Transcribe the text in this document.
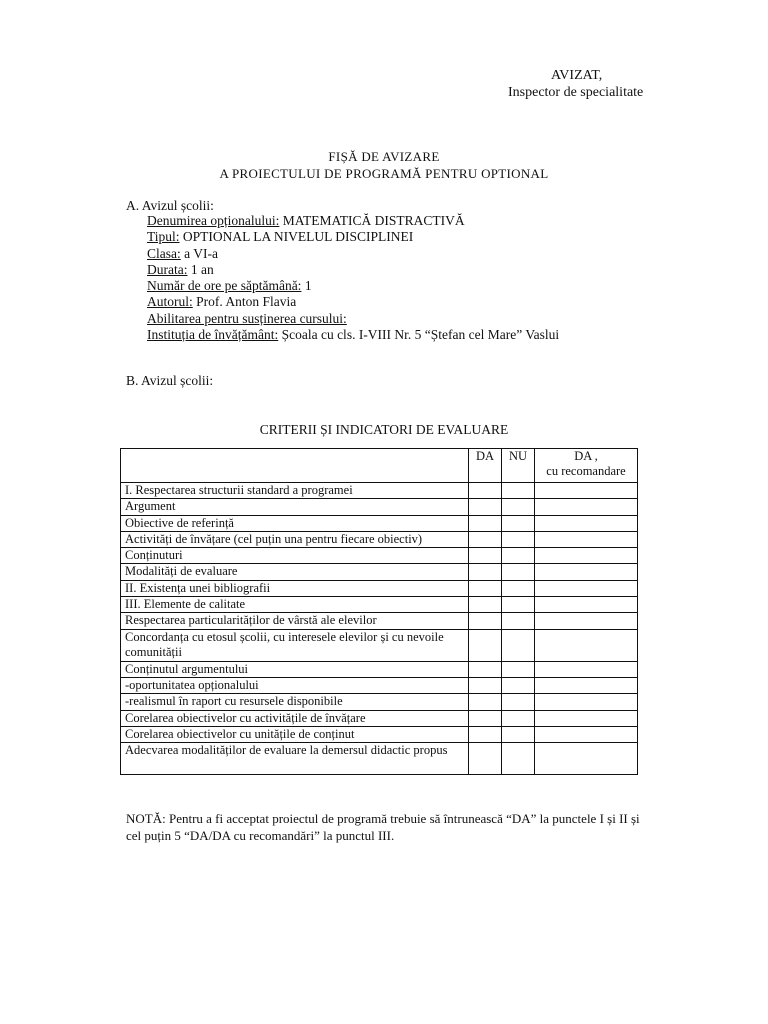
AVIZAT,
Inspector de specialitate
FIȘĂ DE AVIZARE
A PROIECTULUI DE PROGRAMĂ PENTRU OPTIONAL
A. Avizul școlii:
Denumirea opționalului: MATEMATICĂ DISTRACTIVĂ
Tipul: OPTIONAL LA NIVELUL DISCIPLINEI
Clasa: a VI-a
Durata: 1 an
Număr de ore pe săptămână: 1
Autorul: Prof. Anton Flavia
Abilitarea pentru susținerea cursului:
Instituția de învățământ: Școala cu cls. I-VIII Nr. 5 “Ștefan cel Mare” Vaslui
B. Avizul școlii:
CRITERII ȘI INDICATORI DE EVALUARE
	DA	NU	DA ,
cu recomandare

I. Respectarea structurii standard a programei			
Argument			
Obiective de referință			
Activități de învățare (cel puțin una pentru fiecare obiectiv)			
Conținuturi			
Modalități de evaluare			
II. Existența unei bibliografii			
III. Elemente de calitate			
Respectarea particularităților de vârstă ale elevilor			
Concordanța cu etosul școlii, cu interesele elevilor și cu nevoile comunității			
Conținutul argumentului			
-oportunitatea opționalului			
-realismul în raport cu resursele disponibile			
Corelarea obiectivelor cu activitățile de învățare			
Corelarea obiectivelor cu unitățile de conținut			
Adecvarea modalităților de evaluare la demersul didactic propus			
NOTĂ: Pentru a fi acceptat proiectul de programă trebuie să întrunească “DA” la punctele I și II și cel puțin 5 “DA/DA cu recomandări” la punctul III.
